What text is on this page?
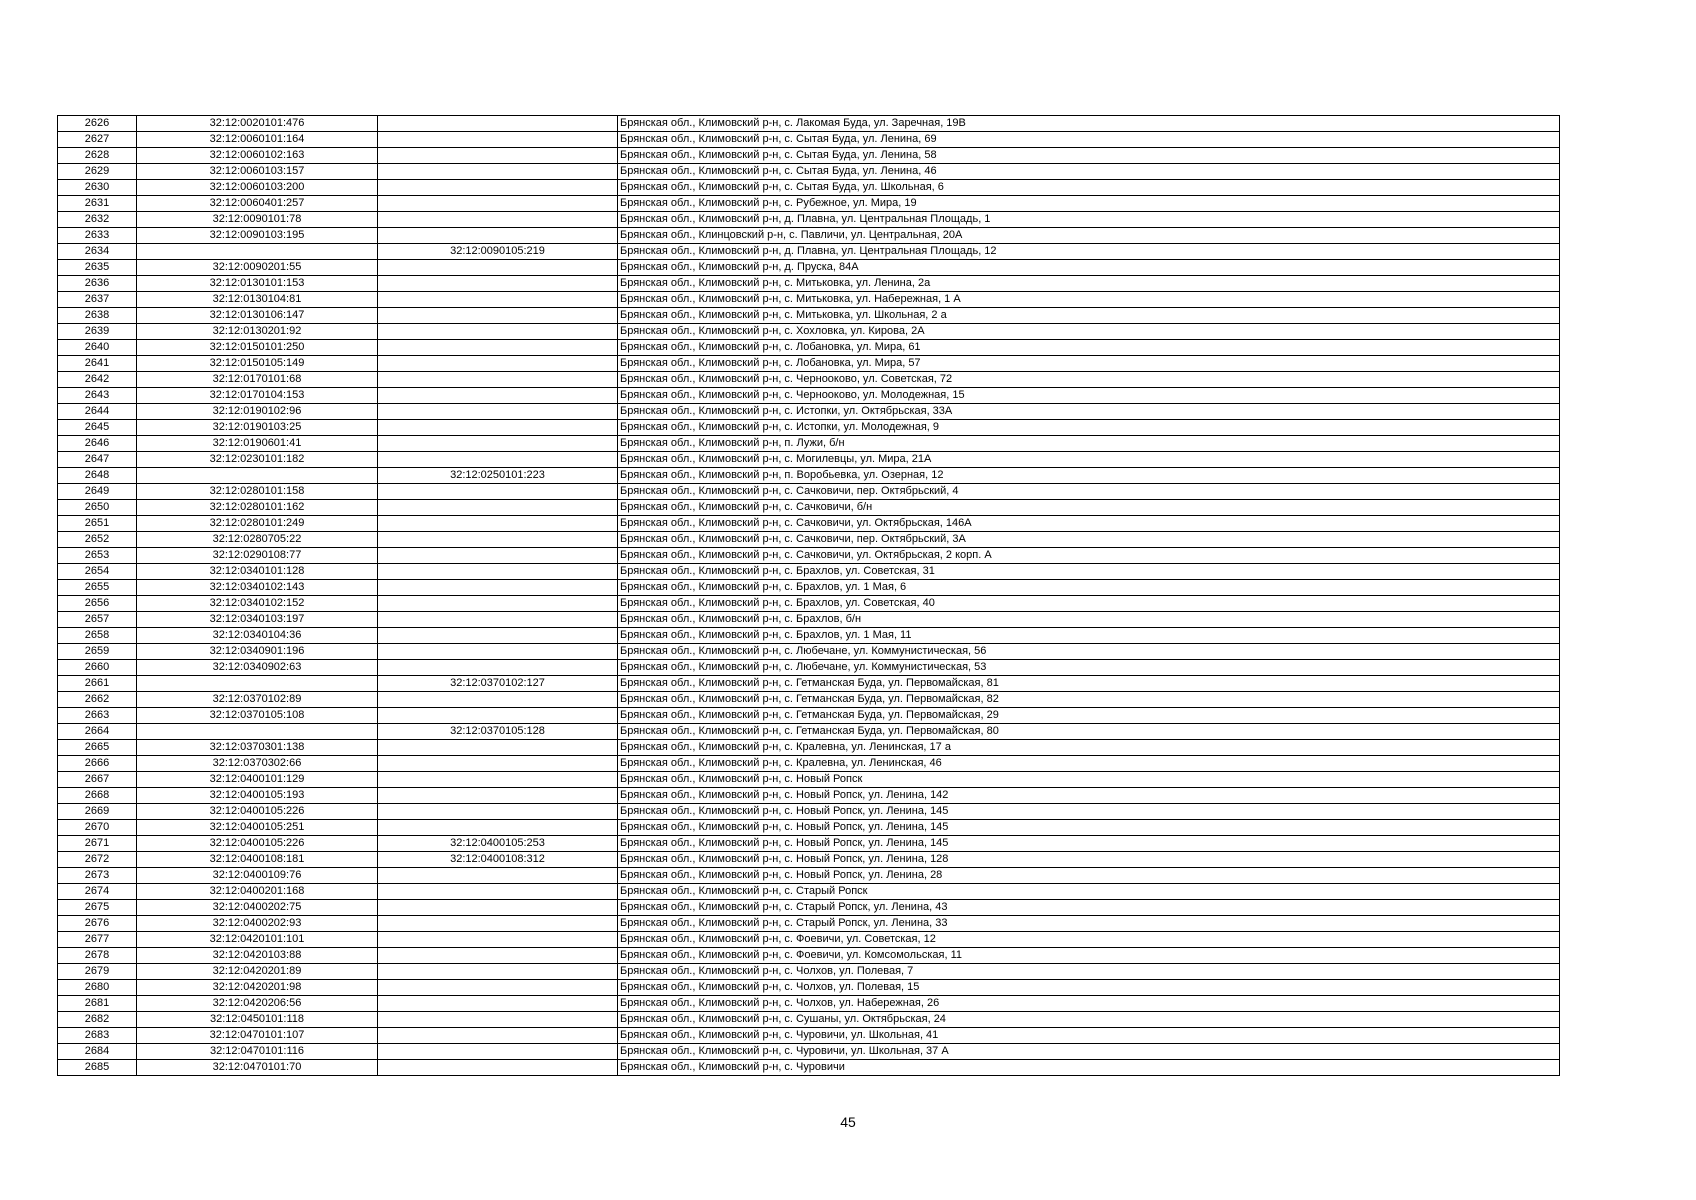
2626	32:12:0020101:476		Брянская обл., Климовский р-н, с. Лакомая Буда, ул. Заречная, 19В
2627	32:12:0060101:164		Брянская обл., Климовский р-н, с. Сытая Буда, ул. Ленина, 69
2628	32:12:0060102:163		Брянская обл., Климовский р-н, с. Сытая Буда, ул. Ленина, 58
2629	32:12:0060103:157		Брянская обл., Климовский р-н, с. Сытая Буда, ул. Ленина, 46
2630	32:12:0060103:200		Брянская обл., Климовский р-н, с. Сытая Буда, ул. Школьная, 6
2631	32:12:0060401:257		Брянская обл., Климовский р-н, с. Рубежное, ул. Мира, 19
2632	32:12:0090101:78		Брянская обл., Климовский р-н, д. Плавна, ул. Центральная Площадь, 1
2633	32:12:0090103:195		Брянская обл., Клинцовский р-н, с. Павличи, ул. Центральная, 20А
2634		32:12:0090105:219	Брянская обл., Климовский р-н, д. Плавна, ул. Центральная Площадь, 12
2635	32:12:0090201:55		Брянская обл., Климовский р-н, д. Пруска, 84А
2636	32:12:0130101:153		Брянская обл., Климовский р-н, с. Митьковка, ул. Ленина, 2а
2637	32:12:0130104:81		Брянская обл., Климовский р-н, с. Митьковка, ул. Набережная, 1 А
2638	32:12:0130106:147		Брянская обл., Климовский р-н, с. Митьковка, ул. Школьная, 2 а
2639	32:12:0130201:92		Брянская обл., Климовский р-н, с. Хохловка, ул. Кирова, 2А
2640	32:12:0150101:250		Брянская обл., Климовский р-н, с. Лобановка, ул. Мира, 61
2641	32:12:0150105:149		Брянская обл., Климовский р-н, с. Лобановка, ул. Мира, 57
2642	32:12:0170101:68		Брянская обл., Климовский р-н, с. Чернооково, ул. Советская, 72
2643	32:12:0170104:153		Брянская обл., Климовский р-н, с. Чернооково, ул. Молодежная, 15
2644	32:12:0190102:96		Брянская обл., Климовский р-н, с. Истопки, ул. Октябрьская, 33А
2645	32:12:0190103:25		Брянская обл., Климовский р-н, с. Истопки, ул. Молодежная, 9
2646	32:12:0190601:41		Брянская обл., Климовский р-н, п. Лужи, б/н
2647	32:12:0230101:182		Брянская обл., Климовский р-н, с. Могилевцы, ул. Мира, 21А
2648		32:12:0250101:223	Брянская обл., Климовский р-н, п. Воробьевка, ул. Озерная, 12
2649	32:12:0280101:158		Брянская обл., Климовский р-н, с. Сачковичи, пер. Октябрьский, 4
2650	32:12:0280101:162		Брянская обл., Климовский р-н, с. Сачковичи, б/н
2651	32:12:0280101:249		Брянская обл., Климовский р-н, с. Сачковичи, ул. Октябрьская, 146А
2652	32:12:0280705:22		Брянская обл., Климовский р-н, с. Сачковичи, пер. Октябрьский, 3А
2653	32:12:0290108:77		Брянская обл., Климовский р-н, с. Сачковичи, ул. Октябрьская, 2 корп. А
2654	32:12:0340101:128		Брянская обл., Климовский р-н, с. Брахлов, ул. Советская, 31
2655	32:12:0340102:143		Брянская обл., Климовский р-н, с. Брахлов, ул. 1 Мая, 6
2656	32:12:0340102:152		Брянская обл., Климовский р-н, с. Брахлов, ул. Советская, 40
2657	32:12:0340103:197		Брянская обл., Климовский р-н, с. Брахлов, б/н
2658	32:12:0340104:36		Брянская обл., Климовский р-н, с. Брахлов, ул. 1 Мая, 11
2659	32:12:0340901:196		Брянская обл., Климовский р-н, с. Любечане, ул. Коммунистическая, 56
2660	32:12:0340902:63		Брянская обл., Климовский р-н, с. Любечане, ул. Коммунистическая, 53
2661		32:12:0370102:127	Брянская обл., Климовский р-н, с. Гетманская Буда, ул. Первомайская, 81
2662	32:12:0370102:89		Брянская обл., Климовский р-н, с. Гетманская Буда, ул. Первомайская, 82
2663	32:12:0370105:108		Брянская обл., Климовский р-н, с. Гетманская Буда, ул. Первомайская, 29
2664		32:12:0370105:128	Брянская обл., Климовский р-н, с. Гетманская Буда, ул. Первомайская, 80
2665	32:12:0370301:138		Брянская обл., Климовский р-н, с. Кралевна, ул. Ленинская, 17 а
2666	32:12:0370302:66		Брянская обл., Климовский р-н, с. Кралевна, ул. Ленинская, 46
2667	32:12:0400101:129		Брянская обл., Климовский р-н, с. Новый Ропск
2668	32:12:0400105:193		Брянская обл., Климовский р-н, с. Новый Ропск, ул. Ленина, 142
2669	32:12:0400105:226		Брянская обл., Климовский р-н, с. Новый Ропск, ул. Ленина, 145
2670	32:12:0400105:251		Брянская обл., Климовский р-н, с. Новый Ропск, ул. Ленина, 145
2671	32:12:0400105:226	32:12:0400105:253	Брянская обл., Климовский р-н, с. Новый Ропск, ул. Ленина, 145
2672	32:12:0400108:181	32:12:0400108:312	Брянская обл., Климовский р-н, с. Новый Ропск, ул. Ленина, 128
2673	32:12:0400109:76		Брянская обл., Климовский р-н, с. Новый Ропск, ул. Ленина, 28
2674	32:12:0400201:168		Брянская обл., Климовский р-н, с. Старый Ропск
2675	32:12:0400202:75		Брянская обл., Климовский р-н, с. Старый Ропск, ул. Ленина, 43
2676	32:12:0400202:93		Брянская обл., Климовский р-н, с. Старый Ропск, ул. Ленина, 33
2677	32:12:0420101:101		Брянская обл., Климовский р-н, с. Фоевичи, ул. Советская, 12
2678	32:12:0420103:88		Брянская обл., Климовский р-н, с. Фоевичи, ул. Комсомольская, 11
2679	32:12:0420201:89		Брянская обл., Климовский р-н, с. Чолхов, ул. Полевая, 7
2680	32:12:0420201:98		Брянская обл., Климовский р-н, с. Чолхов, ул. Полевая, 15
2681	32:12:0420206:56		Брянская обл., Климовский р-н, с. Чолхов, ул. Набережная, 26
2682	32:12:0450101:118		Брянская обл., Климовский р-н, с. Сушаны, ул. Октябрьская, 24
2683	32:12:0470101:107		Брянская обл., Климовский р-н, с. Чуровичи, ул. Школьная, 41
2684	32:12:0470101:116		Брянская обл., Климовский р-н, с. Чуровичи, ул. Школьная, 37 А
2685	32:12:0470101:70		Брянская обл., Климовский р-н, с. Чуровичи
45
